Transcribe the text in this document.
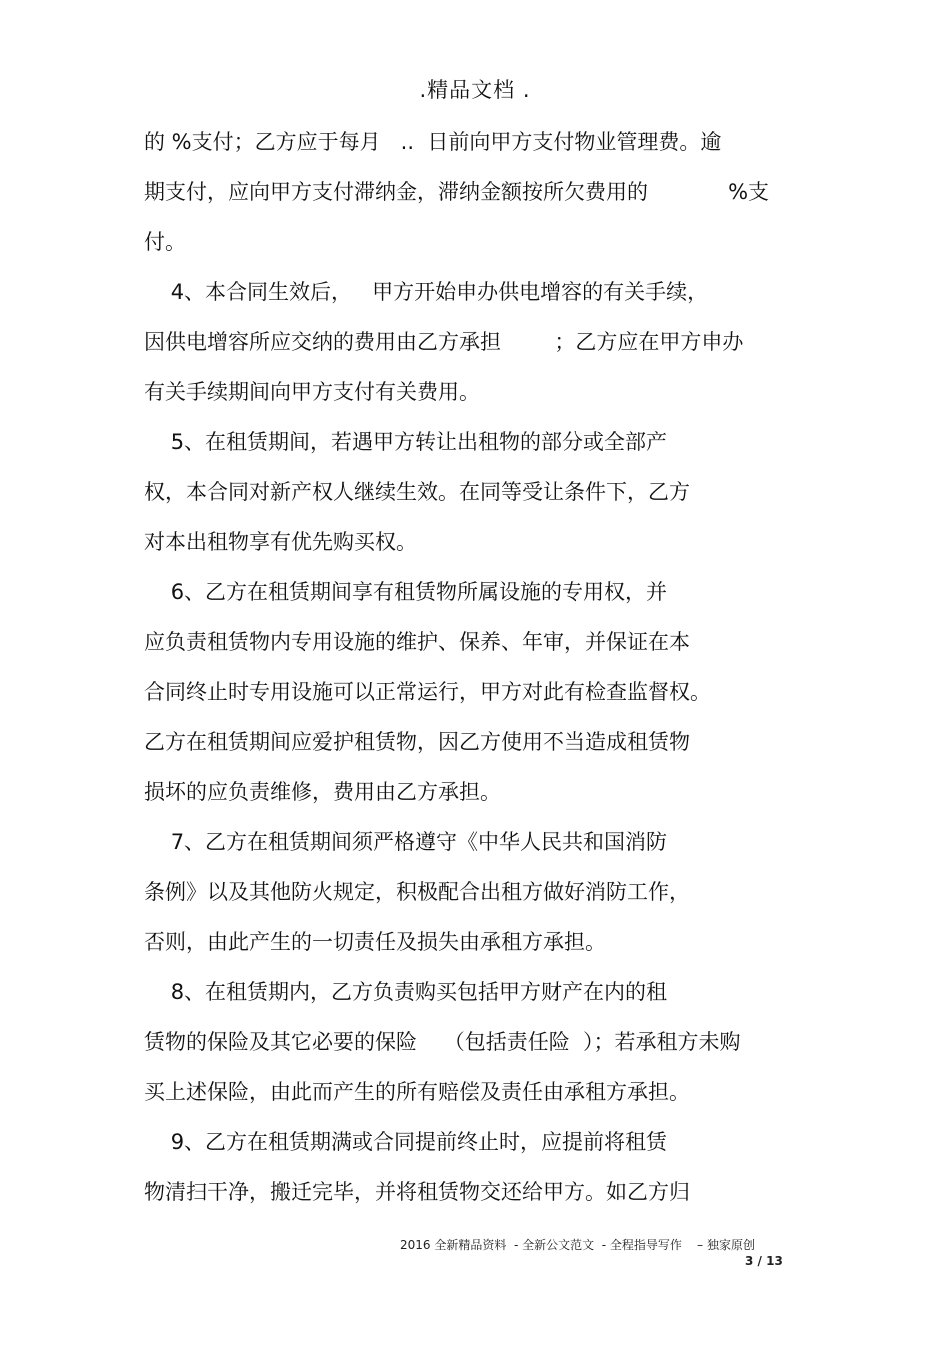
.精品文档 .
的 %支付；乙方应于每月   ..  日前向甲方支付物业管理费。逾
期支付，应向甲方支付滞纳金，滞纳金额按所欠费用的            %支
付。
4、本合同生效后，   甲方开始申办供电增容的有关手续，
因供电增容所应交纳的费用由乙方承担        ；乙方应在甲方申办
有关手续期间向甲方支付有关费用。
5、在租赁期间，若遇甲方转让出租物的部分或全部产
权，本合同对新产权人继续生效。在同等受让条件下，乙方
对本出租物享有优先购买权。
6、乙方在租赁期间享有租赁物所属设施的专用权，并
应负责租赁物内专用设施的维护、保养、年审，并保证在本
合同终止时专用设施可以正常运行，甲方对此有检查监督权。
乙方在租赁期间应爱护租赁物，因乙方使用不当造成租赁物
损坏的应负责维修，费用由乙方承担。
7、乙方在租赁期间须严格遵守《中华人民共和国消防
条例》以及其他防火规定，积极配合出租方做好消防工作，
否则，由此产生的一切责任及损失由承租方承担。
8、在租赁期内，乙方负责购买包括甲方财产在内的租
赁物的保险及其它必要的保险    （包括责任险  ）；若承租方未购
买上述保险，由此而产生的所有赔偿及责任由承租方承担。
9、乙方在租赁期满或合同提前终止时，应提前将租赁
物清扫干净，搬迁完毕，并将租赁物交还给甲方。如乙方归
2016 全新精品资料  - 全新公文范文  - 全程指导写作    – 独家原创
3 / 13
